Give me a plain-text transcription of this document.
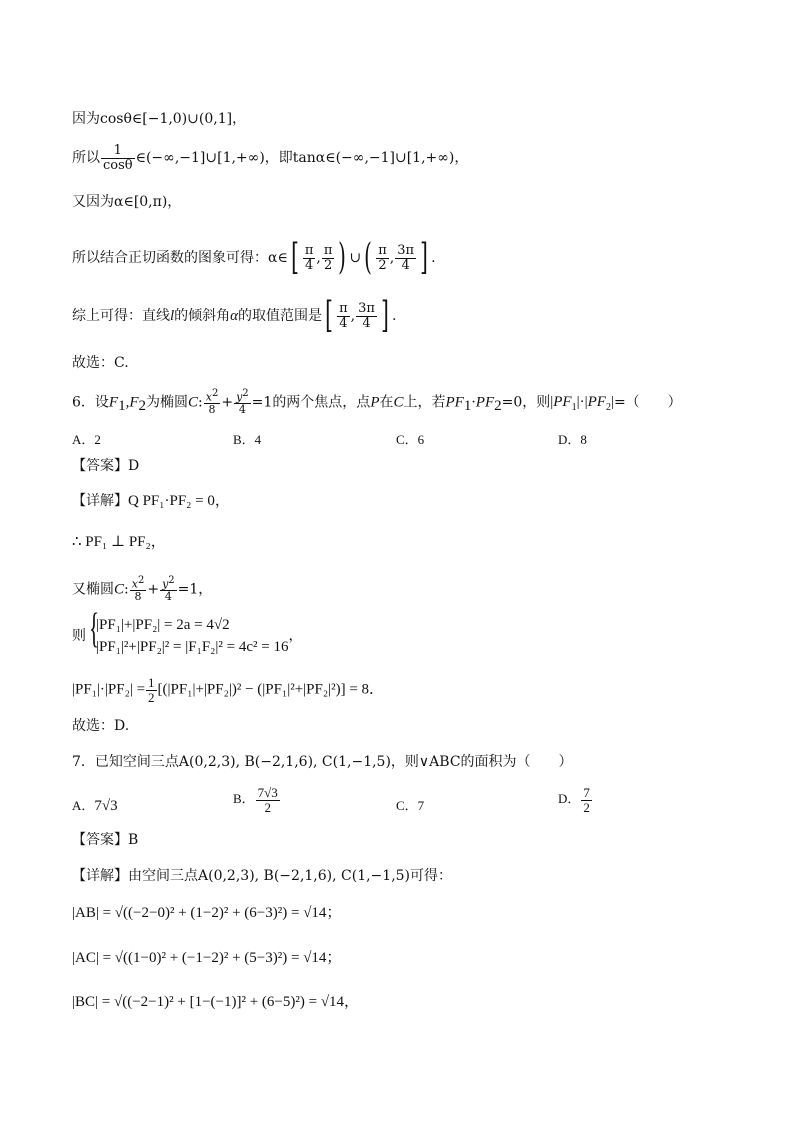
因为cosθ∈[−1,0)∪(0,1]，
所以 $\frac{1}{\cos\theta}$ ∈(−∞,−1]∪[1,+∞)，即tanα∈(−∞,−1]∪[1,+∞)，
又因为α∈[0,π)，
所以结合正切函数的图象可得：α∈[ $\frac{\pi}{4}$ , $\frac{\pi}{2}$ ) ∪( $\frac{\pi}{2}$ , $\frac{3\pi}{4}$ ] .
综上可得：直线l的倾斜角α的取值范围是[ $\frac{\pi}{4}$ , $\frac{3\pi}{4}$ ] .
故选：C.
6．设$F_1,F_2$为椭圆C: $\frac{x^2}{8} + \frac{y^2}{4} =1$的两个焦点，点P在C上，若$PF_1\cdot PF_2=0$，则$|PF_1|\cdot|PF_2|=$（　　）
A．2	B．4	C．6	D．8
【答案】D
【详解】Q PF₁·PF₂ = 0，
∴ PF₁ ⊥ PF₂，
又椭圆C: $\frac{x^2}{8} + \frac{y^2}{4} =1$，
则 {
|PF₁|+|PF₂| = 2a = 4√2
|PF₁|²+|PF₂|² = |F₁F₂|² = 4c² = 16
，
$|PF_1|\cdot|PF_2| = \frac{1}{2} [(|PF_1|+|PF_2|)^2 - (|PF_1|^2+|PF_2|^2)] = 8$．
故选：D.
7．已知空间三点A(0,2,3), B(−2,1,6), C(1,−1,5)，则∨ABC的面积为（　　）
A．7√3	B． $\frac{7√3}{2}$	C．7	D． $\frac{7}{2}$
【答案】B
【详解】由空间三点A(0,2,3), B(−2,1,6), C(1,−1,5)可得：
|AB| = √((−2−0)² + (1−2)² + (6−3)²) = √14；
|AC| = √((1−0)² + (−1−2)² + (5−3)²) = √14；
|BC| = √((−2−1)² + [1−(−1)]² + (6−5)²) = √14，
